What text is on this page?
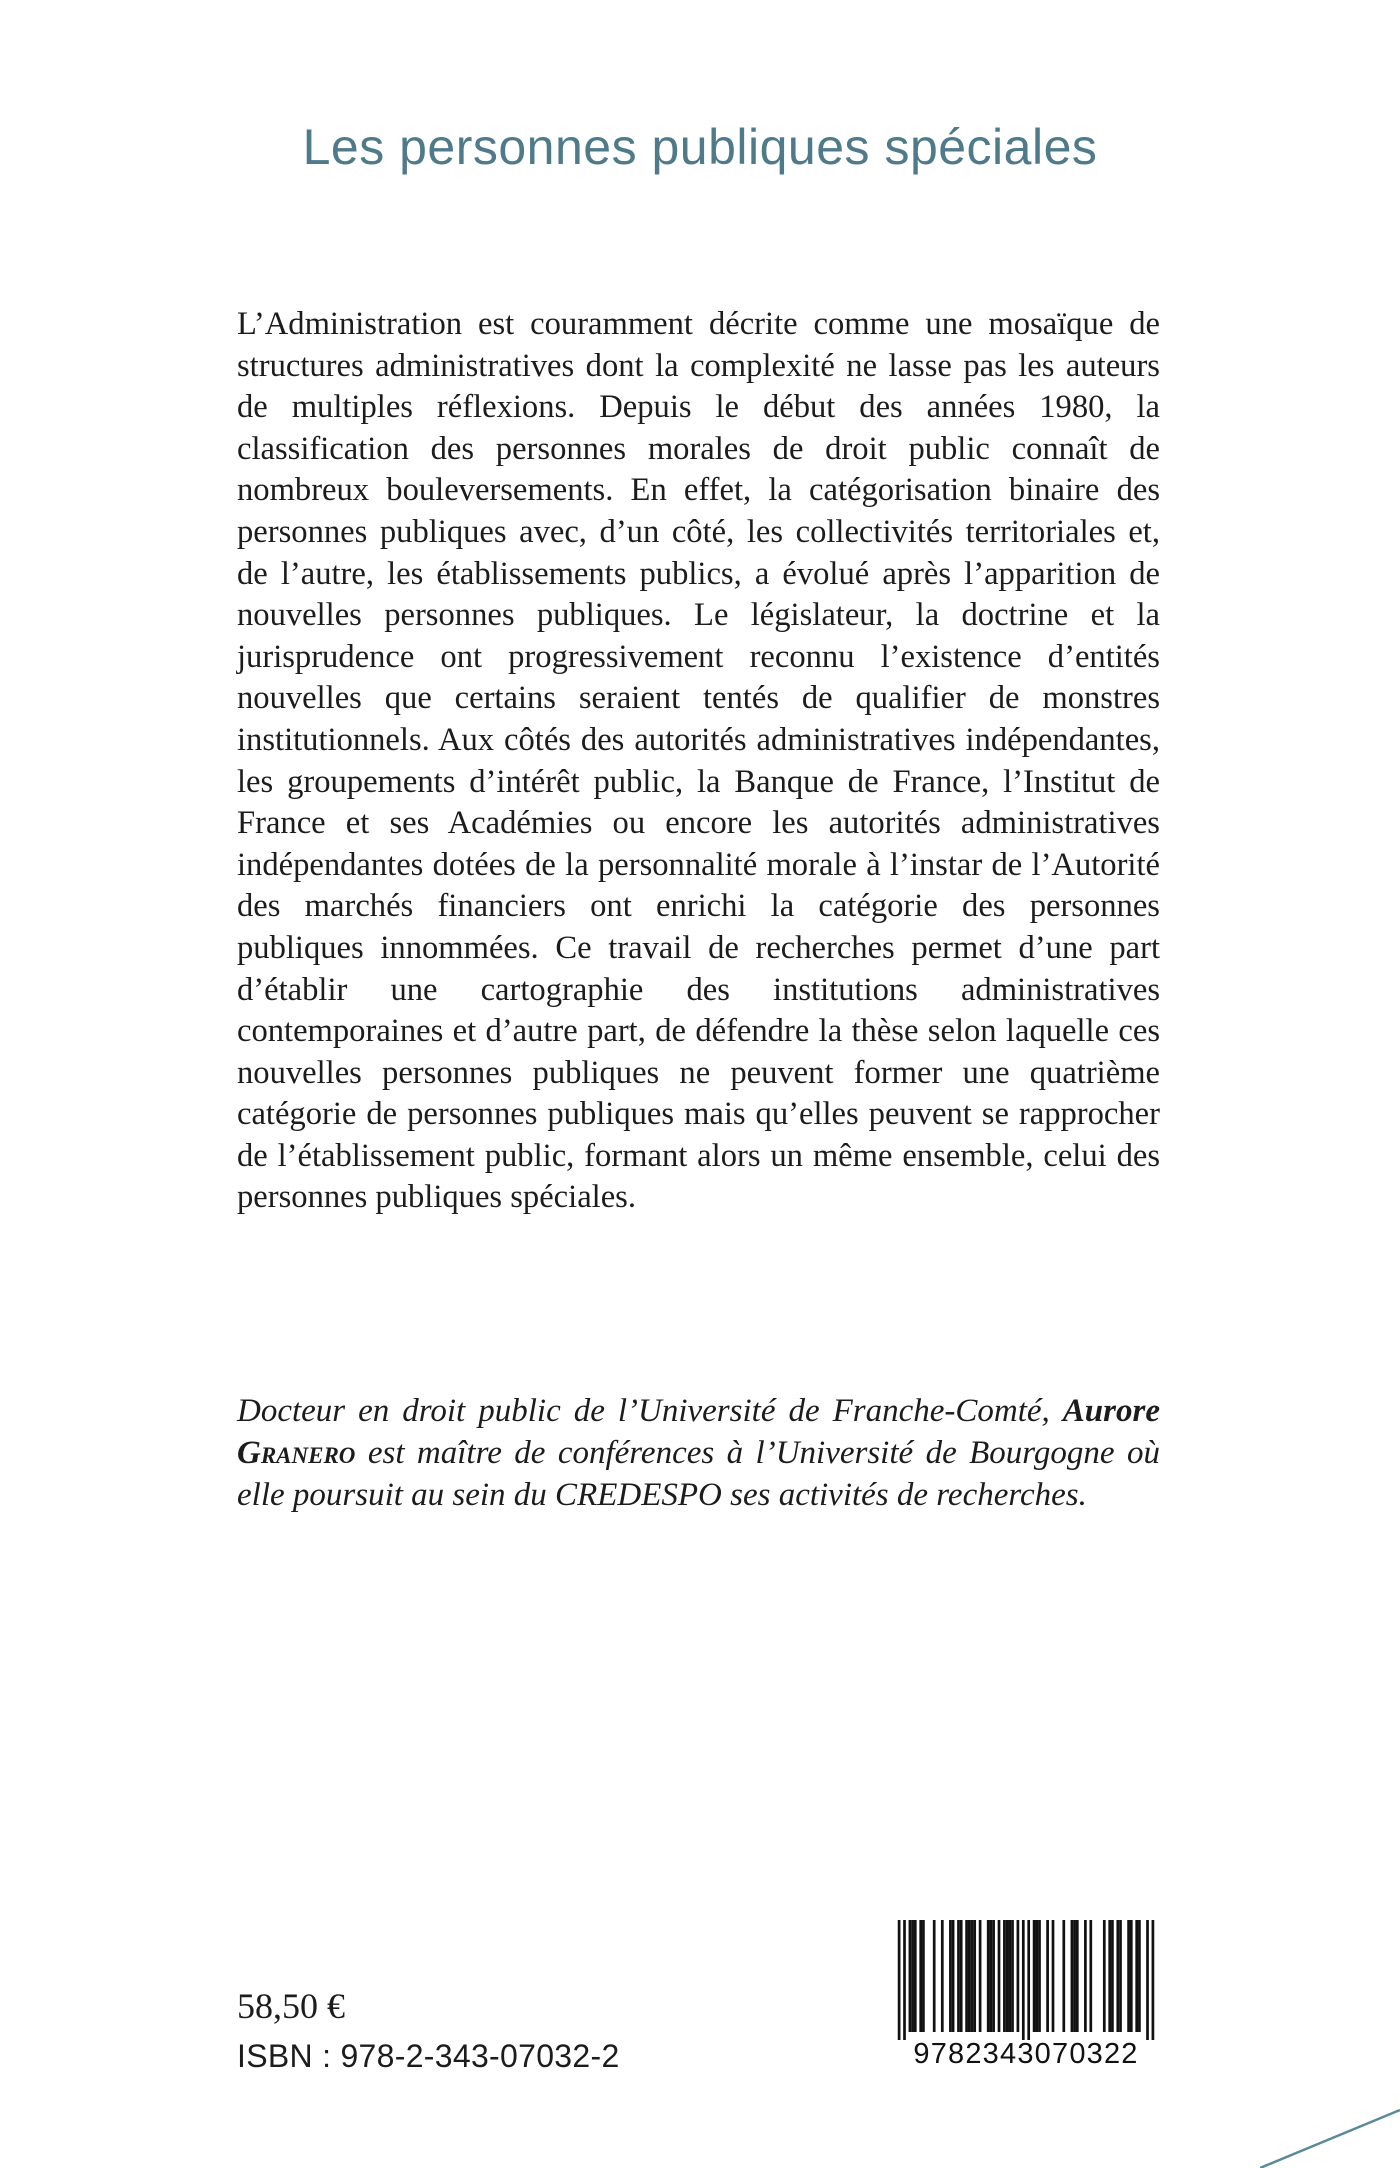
Les personnes publiques spéciales

L’Administration est couramment décrite comme une mosaïque de structures administratives dont la complexité ne lasse pas les auteurs de multiples réflexions. Depuis le début des années 1980, la classification des personnes morales de droit public connaît de nombreux bouleversements. En effet, la catégorisation binaire des personnes publiques avec, d’un côté, les collectivités territoriales et, de l’autre, les établissements publics, a évolué après l’apparition de nouvelles personnes publiques. Le législateur, la doctrine et la jurisprudence ont progressivement reconnu l’existence d’entités nouvelles que certains seraient tentés de qualifier de monstres institutionnels. Aux côtés des autorités administratives indépendantes, les groupements d’intérêt public, la Banque de France, l’Institut de France et ses Académies ou encore les autorités administratives indépendantes dotées de la personnalité morale à l’instar de l’Autorité des marchés financiers ont enrichi la catégorie des personnes publiques innommées. Ce travail de recherches permet d’une part d’établir une cartographie des institutions administratives contemporaines et d’autre part, de défendre la thèse selon laquelle ces nouvelles personnes publiques ne peuvent former une quatrième catégorie de personnes publiques mais qu’elles peuvent se rapprocher de l’établissement public, formant alors un même ensemble, celui des personnes publiques spéciales.

Docteur en droit public de l’Université de Franche-Comté, Aurore Granero est maître de conférences à l’Université de Bourgogne où elle poursuit au sein du CREDESPO ses activités de recherches.

58,50 €
ISBN : 978-2-343-07032-2	9782343070322
